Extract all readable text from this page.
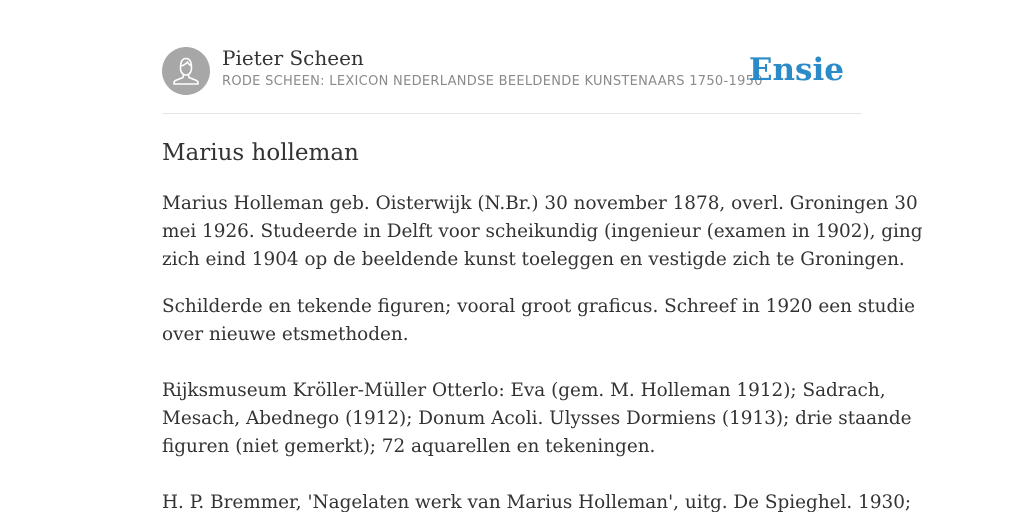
Pieter Scheen
RODE SCHEEN: LEXICON NEDERLANDSE BEELDENDE KUNSTENAARS 1750-1950
Ensie
Marius holleman

Marius Holleman geb. Oisterwijk (N.Br.) 30 november 1878, overl. Groningen 30
mei 1926. Studeerde in Delft voor scheikundig (ingenieur (examen in 1902), ging
zich eind 1904 op de beeldende kunst toeleggen en vestigde zich te Groningen.

Schilderde en tekende figuren; vooral groot graficus. Schreef in 1920 een studie
over nieuwe etsmethoden.
Rijksmuseum Kröller-Müller Otterlo: Eva (gem. M. Holleman 1912); Sadrach,
Mesach, Abednego (1912); Donum Acoli. Ulysses Dormiens (1913); drie staande
figuren (niet gemerkt); 72 aquarellen en tekeningen.
H. P. Bremmer, 'Nagelaten werk van Marius Holleman', uitg. De Spieghel. 1930;
